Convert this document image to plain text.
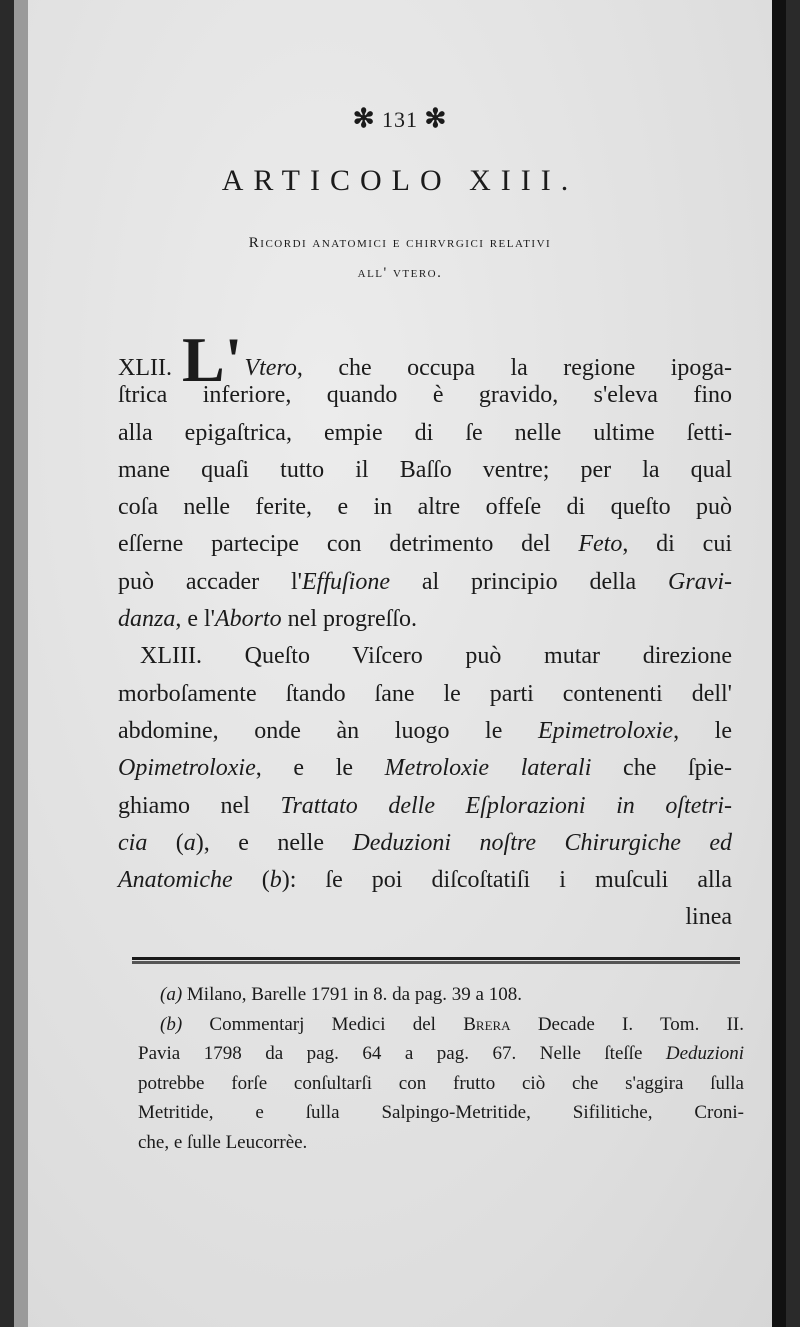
✻ 131 ✻
ARTICOLO XIII.
Ricordi anatomici e chirvrgici relativi
all' vtero.
XLII. L'Vtero, che occupa la regione ipoga-
ſtrica inferiore, quando è gravido, s'eleva fino
alla epigaſtrica, empie di ſe nelle ultime ſetti-
mane quaſi tutto il Baſſo ventre; per la qual
coſa nelle ferite, e in altre offeſe di queſto può
eſſerne partecipe con detrimento del Feto, di cui
può accader l'Effuſione al principio della Gravi-
danza, e l'Aborto nel progreſſo.
XLIII. Queſto Viſcero può mutar direzione
morboſamente ſtando ſane le parti contenenti dell'
abdomine, onde àn luogo le Epimetroloxie, le
Opimetroloxie, e le Metroloxie laterali che ſpie-
ghiamo nel Trattato delle Eſplorazioni in oſtetri-
cia (a), e nelle Deduzioni noſtre Chirurgiche ed
Anatomiche (b): ſe poi diſcoſtatiſi i muſculi alla
linea
(a) Milano, Barelle 1791 in 8. da pag. 39 a 108.
(b) Commentarj Medici del Brera Decade I. Tom. II.
Pavia 1798 da pag. 64 a pag. 67. Nelle ſteſſe Deduzioni
potrebbe forſe conſultarſi con frutto ciò che s'aggira ſulla
Metritide, e ſulla Salpingo-Metritide, Sifilitiche, Croni-
che, e ſulle Leucorrèe.
